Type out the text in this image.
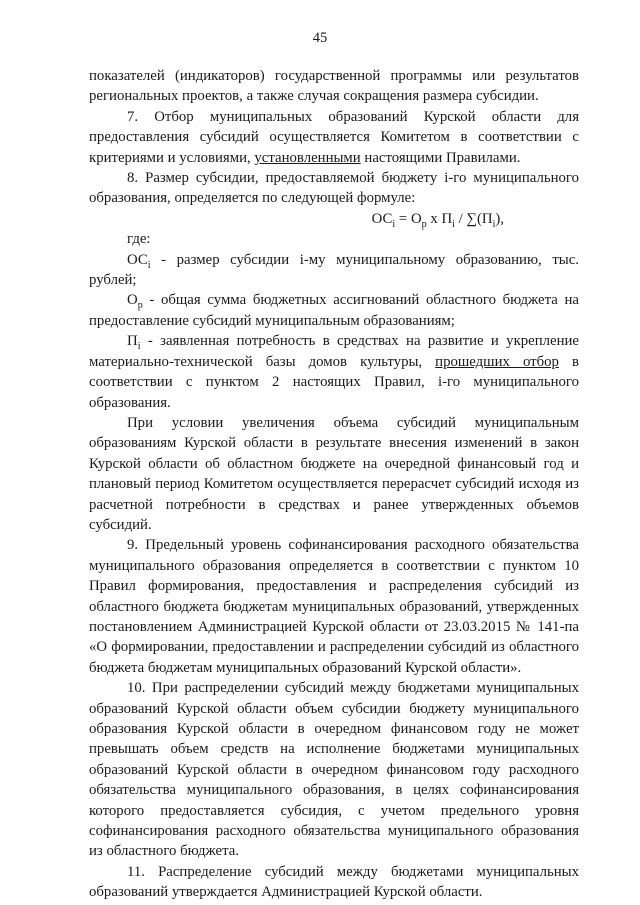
45

показателей (индикаторов) государственной программы или результатов региональных проектов, а также случая сокращения размера субсидии.

7. Отбор муниципальных образований Курской области для предоставления субсидий осуществляется Комитетом в соответствии с критериями и условиями, установленными настоящими Правилами.

8. Размер субсидии, предоставляемой бюджету i-го муниципального образования, определяется по следующей формуле:

$ОС_i = О_р$ х $П_i / \sum(П_i)$,

где:

$ОС_i$ - размер субсидии i-му муниципальному образованию, тыс. рублей;

$О_р$ - общая сумма бюджетных ассигнований областного бюджета на предоставление субсидий муниципальным образованиям;

$П_i$ - заявленная потребность в средствах на развитие и укрепление материально-технической базы домов культуры, прошедших отбор в соответствии с пунктом 2 настоящих Правил, i-го муниципального образования.

При условии увеличения объема субсидий муниципальным образованиям Курской области в результате внесения изменений в закон Курской области об областном бюджете на очередной финансовый год и плановый период Комитетом осуществляется перерасчет субсидий исходя из расчетной потребности в средствах и ранее утвержденных объемов субсидий.

9. Предельный уровень софинансирования расходного обязательства муниципального образования определяется в соответствии с пунктом 10 Правил формирования, предоставления и распределения субсидий из областного бюджета бюджетам муниципальных образований, утвержденных постановлением Администрацией Курской области от 23.03.2015 № 141-па «О формировании, предоставлении и распределении субсидий из областного бюджета бюджетам муниципальных образований Курской области».

10. При распределении субсидий между бюджетами муниципальных образований Курской области объем субсидии бюджету муниципального образования Курской области в очередном финансовом году не может превышать объем средств на исполнение бюджетами муниципальных образований Курской области в очередном финансовом году расходного обязательства муниципального образования, в целях софинансирования которого предоставляется субсидия, с учетом предельного уровня софинансирования расходного обязательства муниципального образования из областного бюджета.

11. Распределение субсидий между бюджетами муниципальных образований утверждается Администрацией Курской области.
